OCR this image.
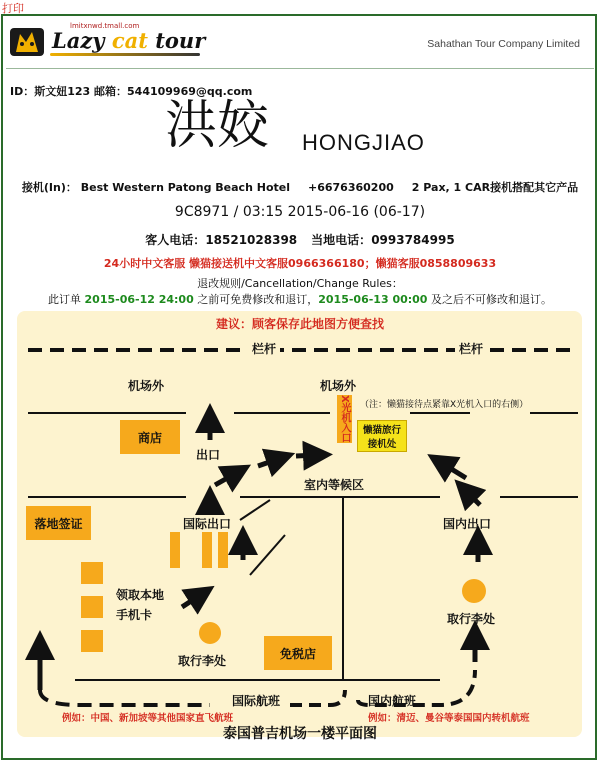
打印
lmitxnwd.tmall.com
Lazy cat tour	Sahathan Tour Company Limited
ID：斯文妞123 邮箱：544109969@qq.com
洪姣 HONGJIAO
接机(In)： Best Western Patong Beach Hotel +6676360200 2 Pax, 1 CAR接机搭配其它产品
9C8971 / 03:15 2015-06-16 (06-17)
客人电话：18521028398 当地电话：0993784995
24小时中文客服 懒猫接送机中文客服0966366180；懒猫客服0858809633
退改规则/Cancellation/Change Rules：
此订单 2015-06-12 24:00 之前可免费修改和退订，2015-06-13 00:00 及之后不可修改和退订。
建议：顾客保存此地图方便查找
栏杆	栏杆
机场外	机场外
（注：懒猫接待点紧靠X光机入口的右侧）
X光机入口 懒猫旅行
接机处
商店
出口
室内等候区
落地签证	国际出口	国内出口
领取本地
手机卡
取行李处
取行李处
免税店
国际航班	国内航班
例如：中国、新加坡等其他国家直飞航班	例如：清迈、曼谷等泰国国内转机航班
泰国普吉机场一楼平面图
